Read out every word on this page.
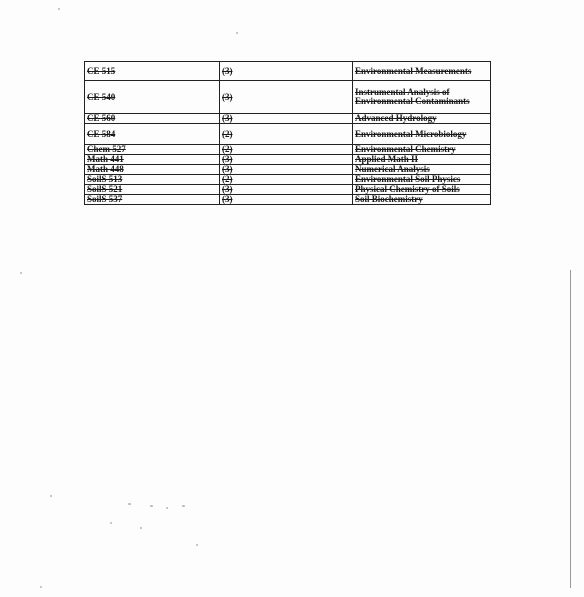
CE 515	(3)	Environmental Measurements
CE 540	(3)	Instrumental Analysis of Environmental Contaminants
CE 560	(3)	Advanced Hydrology
CE 584	(2)	Environmental Microbiology
Chem 527	(2)	Environmental Chemistry
Math 441	(3)	Applied Math II
Math 448	(3)	Numerical Analysis
SoilS 513	(2)	Environmental Soil Physics
SoilS 521	(3)	Physical Chemistry of Soils
SoilS 537	(3)	Soil Biochemistry
